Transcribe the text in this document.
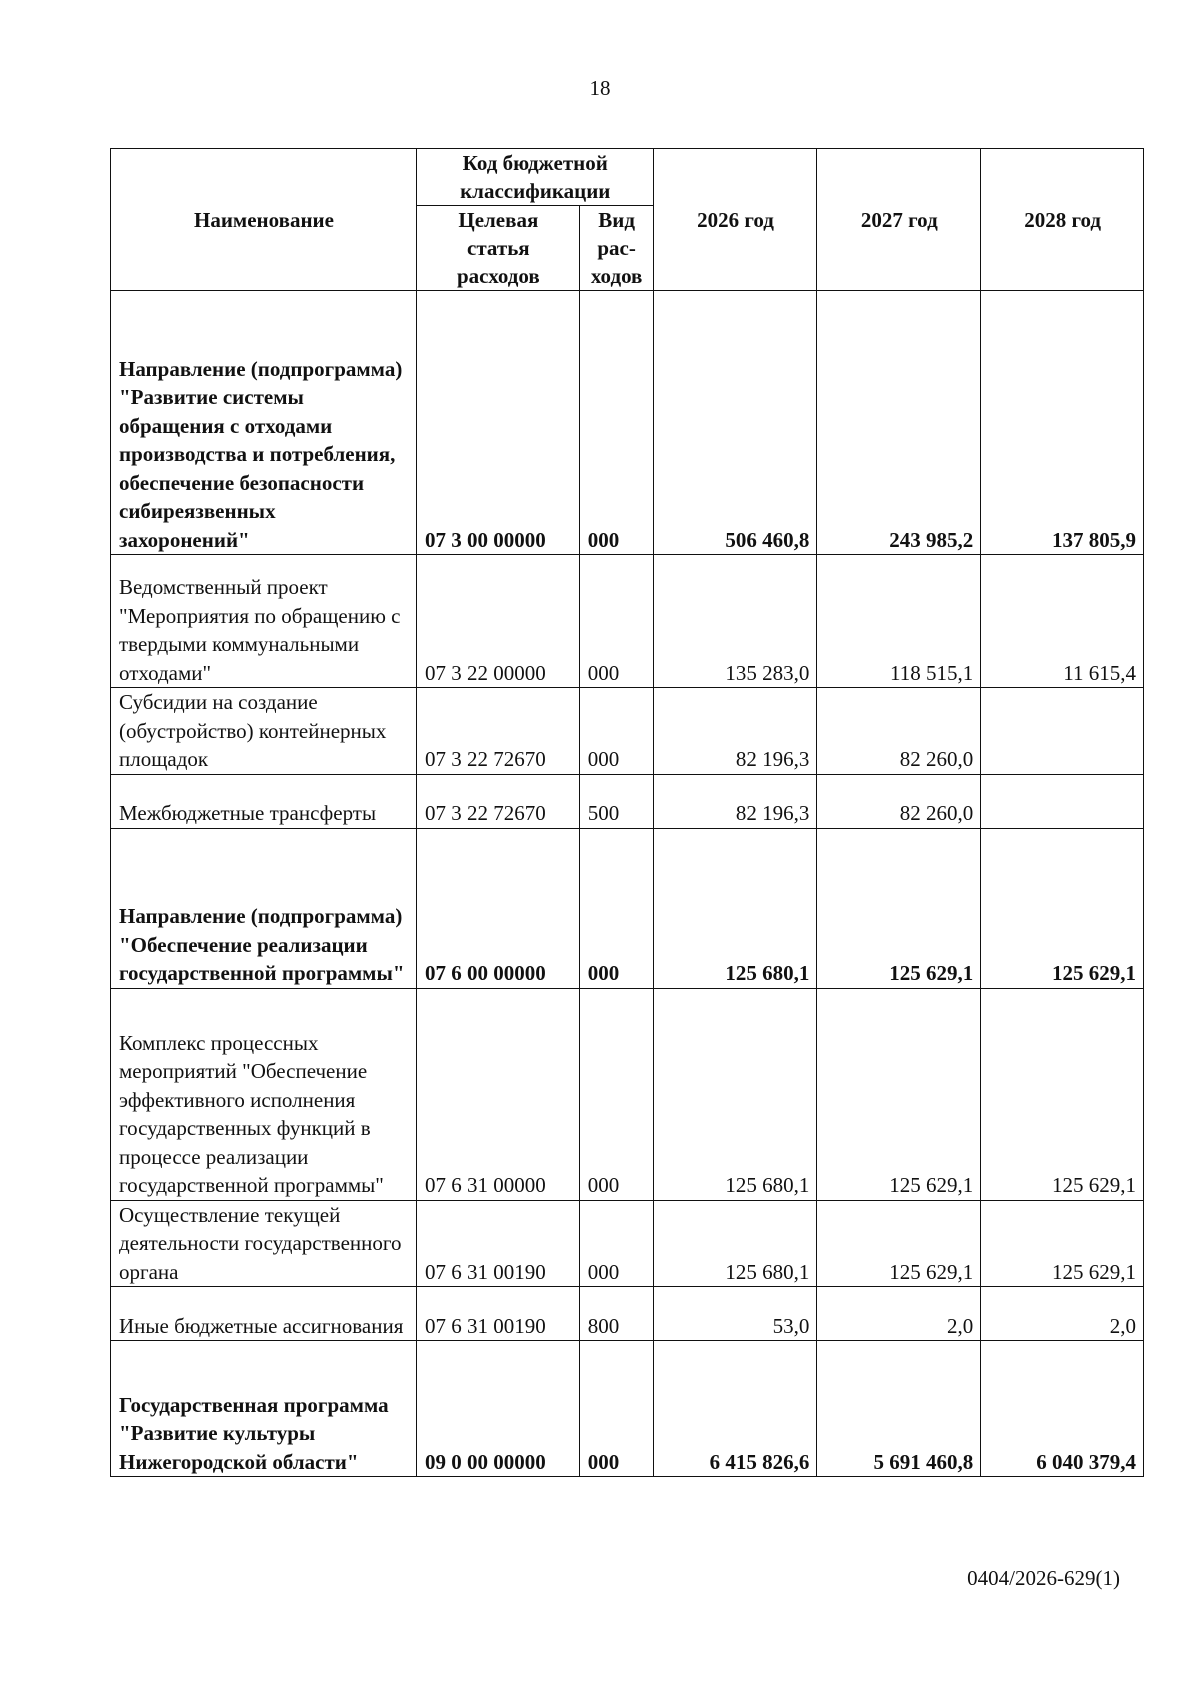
18
Наименование	Код бюджетной классификации		2026 год	2027 год	2028 год
	Целевая статья расходов	Вид рас- ходов			
Направление (подпрограмма) "Развитие системы обращения с отходами производства и потребления, обеспечение безопасности сибиреязвенных захоронений"	07 3 00 00000	000	506 460,8	243 985,2	137 805,9
Ведомственный проект "Мероприятия по обращению с твердыми коммунальными отходами"	07 3 22 00000	000	135 283,0	118 515,1	11 615,4
Субсидии на создание (обустройство) контейнерных площадок	07 3 22 72670	000	82 196,3	82 260,0	
Межбюджетные трансферты	07 3 22 72670	500	82 196,3	82 260,0	
Направление (подпрограмма) "Обеспечение реализации государственной программы"	07 6 00 00000	000	125 680,1	125 629,1	125 629,1
Комплекс процессных мероприятий "Обеспечение эффективного исполнения государственных функций в процессе реализации государственной программы"	07 6 31 00000	000	125 680,1	125 629,1	125 629,1
Осуществление текущей деятельности государственного органа	07 6 31 00190	000	125 680,1	125 629,1	125 629,1
Иные бюджетные ассигнования	07 6 31 00190	800	53,0	2,0	2,0
Государственная программа "Развитие культуры Нижегородской области"	09 0 00 00000	000	6 415 826,6	5 691 460,8	6 040 379,4
0404/2026-629(1)
